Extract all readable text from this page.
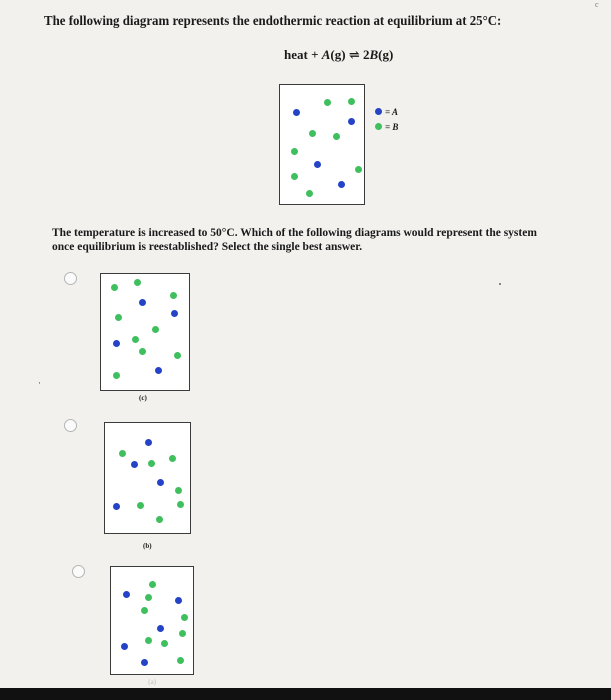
The following diagram represents the endothermic reaction at equilibrium at 25°C:
heat + A(g) ⇌ 2B(g)
= A
= B
The temperature is increased to 50°C. Which of the following diagrams would represent the system
once equilibrium is reestablished? Select the single best answer.
(c)
·
(b)
(a)
c
